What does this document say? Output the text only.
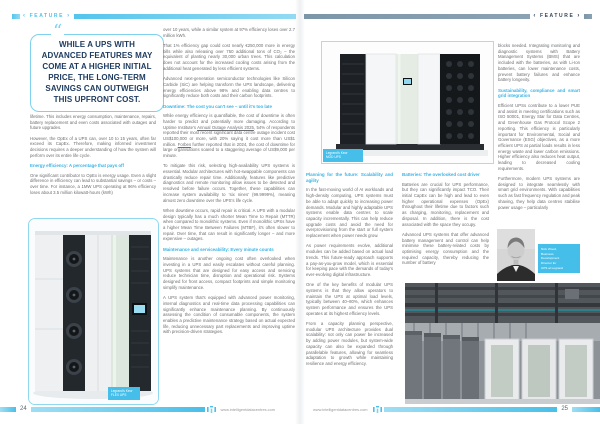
‹ FEATURE ›
“
WHILE A UPS WITH ADVANCED FEATURES MAY COME AT A HIGHER INITIAL PRICE, THE LONG-TERM SAVINGS CAN OUTWEIGH THIS UPFRONT COST.

lifetime. This includes energy consumption, maintenance, repairs, battery replacement and even costs associated with outages and future upgrades.

However, the OpEx of a UPS can, over 10 to 15 years, often far exceed its CapEx. Therefore, making informed investment decisions requires a deeper understanding of how the system will perform over its entire life cycle.

Energy efficiency: A percentage that pays off

One significant contributor to OpEx is energy usage. Even a slight difference in efficiency can lead to substantial savings – or costs – over time. For instance, a 1MW UPS operating at 96% efficiency loses about 3.5 million kilowatt-hours (kWh)

Legrand's Keor
FLEX UPS

over 10 years, while a similar system at 97% efficiency loses over 2.7 million kWh.

That 1% efficiency gap could cost nearly €250,000 more in energy bills while also releasing over 750 additional tons of CO₂ – the equivalent of planting nearly 30,000 urban trees. This calculation does not account for the increased cooling costs arising from the additional heat generated by less efficient systems.

Advanced next-generation semiconductor technologies like Silicon Carbide (SiC) are helping transform the UPS landscape, delivering energy efficiencies above 98% and enabling data centres to significantly reduce both costs and their carbon footprints.

Downtime: The cost you can't see – until it's too late

While energy efficiency is quantifiable, the cost of downtime is often harder to predict and potentially more damaging. According to Uptime Institute's Annual Outage Analysis 2025, 54% of respondents reported their most recent significant data centre outage incident cost US$100,000 or more, with 20% saying it cost more than US$1 million. Forbes further reported that in 2024, the cost of downtime for large organisations soared to a staggering average of US$9,000 per minute.

To mitigate this risk, selecting high-availability UPS systems is essential. Modular architectures with hot-swappable components can drastically reduce repair time. Additionally, features like predictive diagnostics and remote monitoring allow issues to be detected and resolved before failure occurs. Together, these capabilities can increase system availability to 'six nines' (99.9999%), meaning almost zero downtime over the UPS's life cycle.

When downtime occurs, rapid repair is critical. A UPS with a modular design typically has a much shorter Mean Time to Repair (MTTR) when compared to monolithic systems. Even if monolithic UPSs have a higher Mean Time Between Failures (MTBF), it's often slower to repair. Over time, that can result in significantly longer – and more expensive – outages.

Maintenance and serviceability: Every minute counts

Maintenance is another ongoing cost often overlooked when investing in a UPS and easily escalates without careful planning. UPS systems that are designed for easy access and servicing reduce technician time, disruption and operational risk. Systems designed for front access, compact footprints and simple monitoring simplify maintenance.

A UPS system that's equipped with advanced power monitoring, internal diagnostics and real-time data processing capabilities can significantly enhance maintenance planning. By continuously assessing the condition of consumable components, the system enables a predictive maintenance strategy based on actual expected life, reducing unnecessary part replacements and improving uptime with precision-driven strategies.

24	www.intelligentdatacentres.com
‹ FEATURE ›
Legrand's Keor
MOD UPS
Planning for the future: Scalability and agility

In the fast-moving world of AI workloads and high-density computing, UPS systems must be able to adapt quickly to increasing power demands. Modular and highly adaptable UPS systems enable data centres to scale capacity incrementally. This can help reduce upgrade costs and avoid the need for overprovisioning from the start or full system replacement when power needs grow.

As power requirements evolve, additional modules can be added based on actual load trends. This future-ready approach supports a pay-as-you-grow model, which is essential for keeping pace with the demands of today's ever-evolving digital infrastructure.

One of the key benefits of modular UPS systems is that they allow operators to maintain the UPS at optimal load levels, typically between 40–80%, which enhances system performance and ensures the UPS operates at its highest efficiency levels.

From a capacity planning perspective, modular UPS architecture provides dual scalability: not only can power be increased by adding power modules, but system-wide capacity can also be expanded through parallelable features, allowing for seamless adaptation to growth while maintaining resilience and energy efficiency.

Batteries: The overlooked cost driver

Batteries are crucial for UPS performance, but they can significantly impact TCO. Their initial CapEx can be high and lead to even higher operational expenses (OpEx) throughout their lifetime due to factors such as charging, monitoring, replacement and disposal. In addition, there is the cost associated with the space they occupy.

Advanced UPS systems that offer advanced battery management and control can help minimise these battery-related costs by optimising energy consumption and the required capacity, thereby reducing the number of battery

blocks needed. Integrating monitoring and diagnostic systems with Battery Management Systems (BMS) that are included with the batteries, as with Li-Ion batteries, can lower maintenance costs, prevent battery failures and enhance battery longevity.

Sustainability, compliance and smart grid integration

Efficient UPSs contribute to a lower PUE and assist in meeting certifications such as ISO 50001, Energy Star for Data Centres, and Greenhouse Gas Protocol Scope 2 reporting. This efficiency is particularly important for Environmental, Social and Governance (ESG) objectives, as a more efficient UPS at partial loads results in less energy waste and lower carbon emissions. Higher efficiency also reduces heat output, leading to decreased cooling requirements.

Furthermore, modern UPS systems are designed to integrate seamlessly with smart grid environments. With capabilities such as fast frequency regulation and peak shaving, they help data centres stabilise power usage – particularly

Nick Wood,
Business
Development
Director for
UPS at Legrand
www.intelligentdatacentres.com	25
